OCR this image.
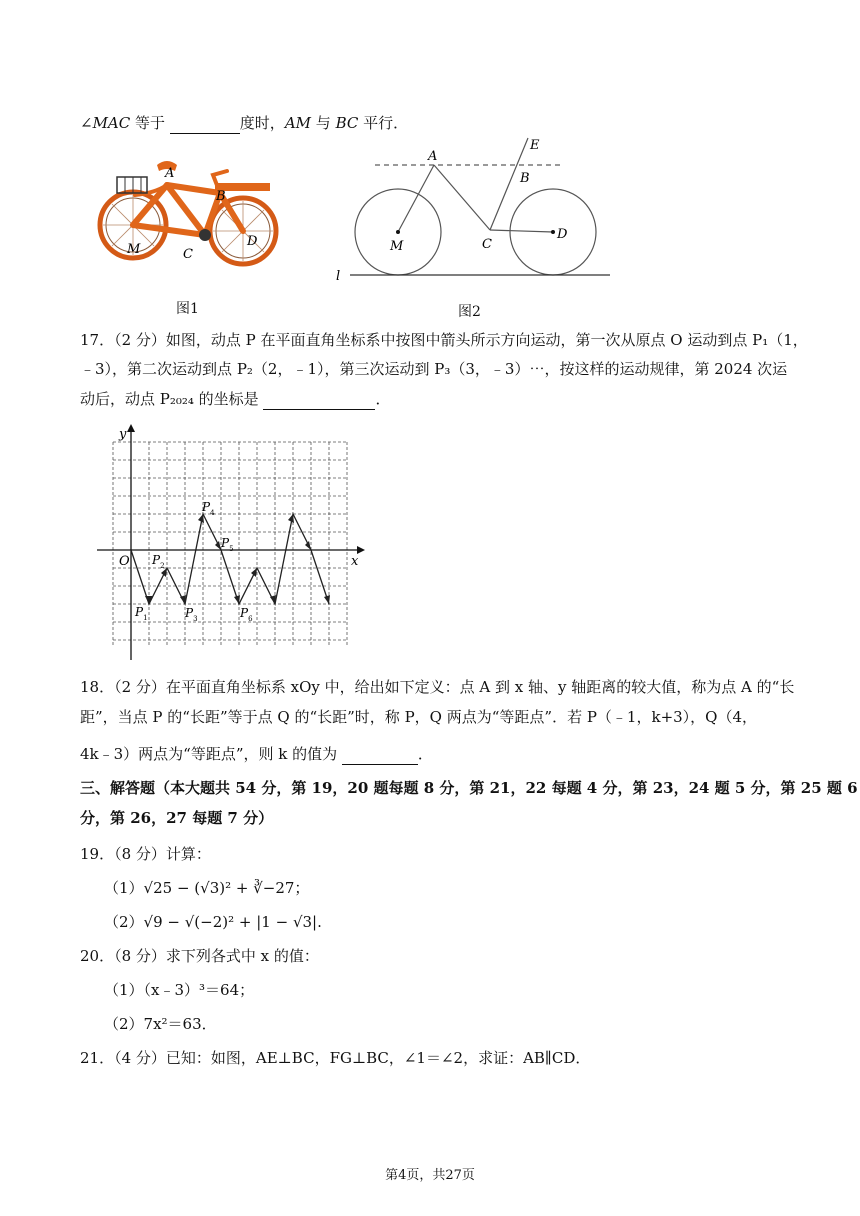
∠MAC 等于	度时，AM 与 BC 平行．
A
B
C
D
M
图1
A
B
C
D
E
M
l
图2
17．（2 分）如图，动点 P 在平面直角坐标系中按图中箭头所示方向运动，第一次从原点 O 运动到点 P₁（1，
﹣3），第二次运动到点 P₂（2，﹣1），第三次运动到 P₃（3，﹣3）⋯，按这样的运动规律，第 2024 次运
动后，动点 P₂₀₂₄ 的坐标是	．
y
x
O
$P_1$
$P_2$
$P_3$
$P_4$
$P_5$
$P_6$
18．（2 分）在平面直角坐标系 xOy 中，给出如下定义：点 A 到 x 轴、y 轴距离的较大值，称为点 A 的“长
距”，当点 P 的“长距”等于点 Q 的“长距”时，称 P，Q 两点为“等距点”．若 P（﹣1，k+3），Q（4，
4k﹣3）两点为“等距点”，则 k 的值为	．
三、解答题（本大题共 54 分，第 19，20 题每题 8 分，第 21，22 每题 4 分，第 23，24 题 5 分，第 25 题 6
分，第 26，27 每题 7 分）
19．（8 分）计算：
（1）√25 − (√3)² + ∛−27；
（2）√9 − √(−2)² + |1 − √3|.
20．（8 分）求下列各式中 x 的值：
（1）（x﹣3）³＝64；
（2）7x²＝63．
21．（4 分）已知：如图，AE⊥BC，FG⊥BC，∠1＝∠2，求证：AB∥CD．
第4页，共27页
